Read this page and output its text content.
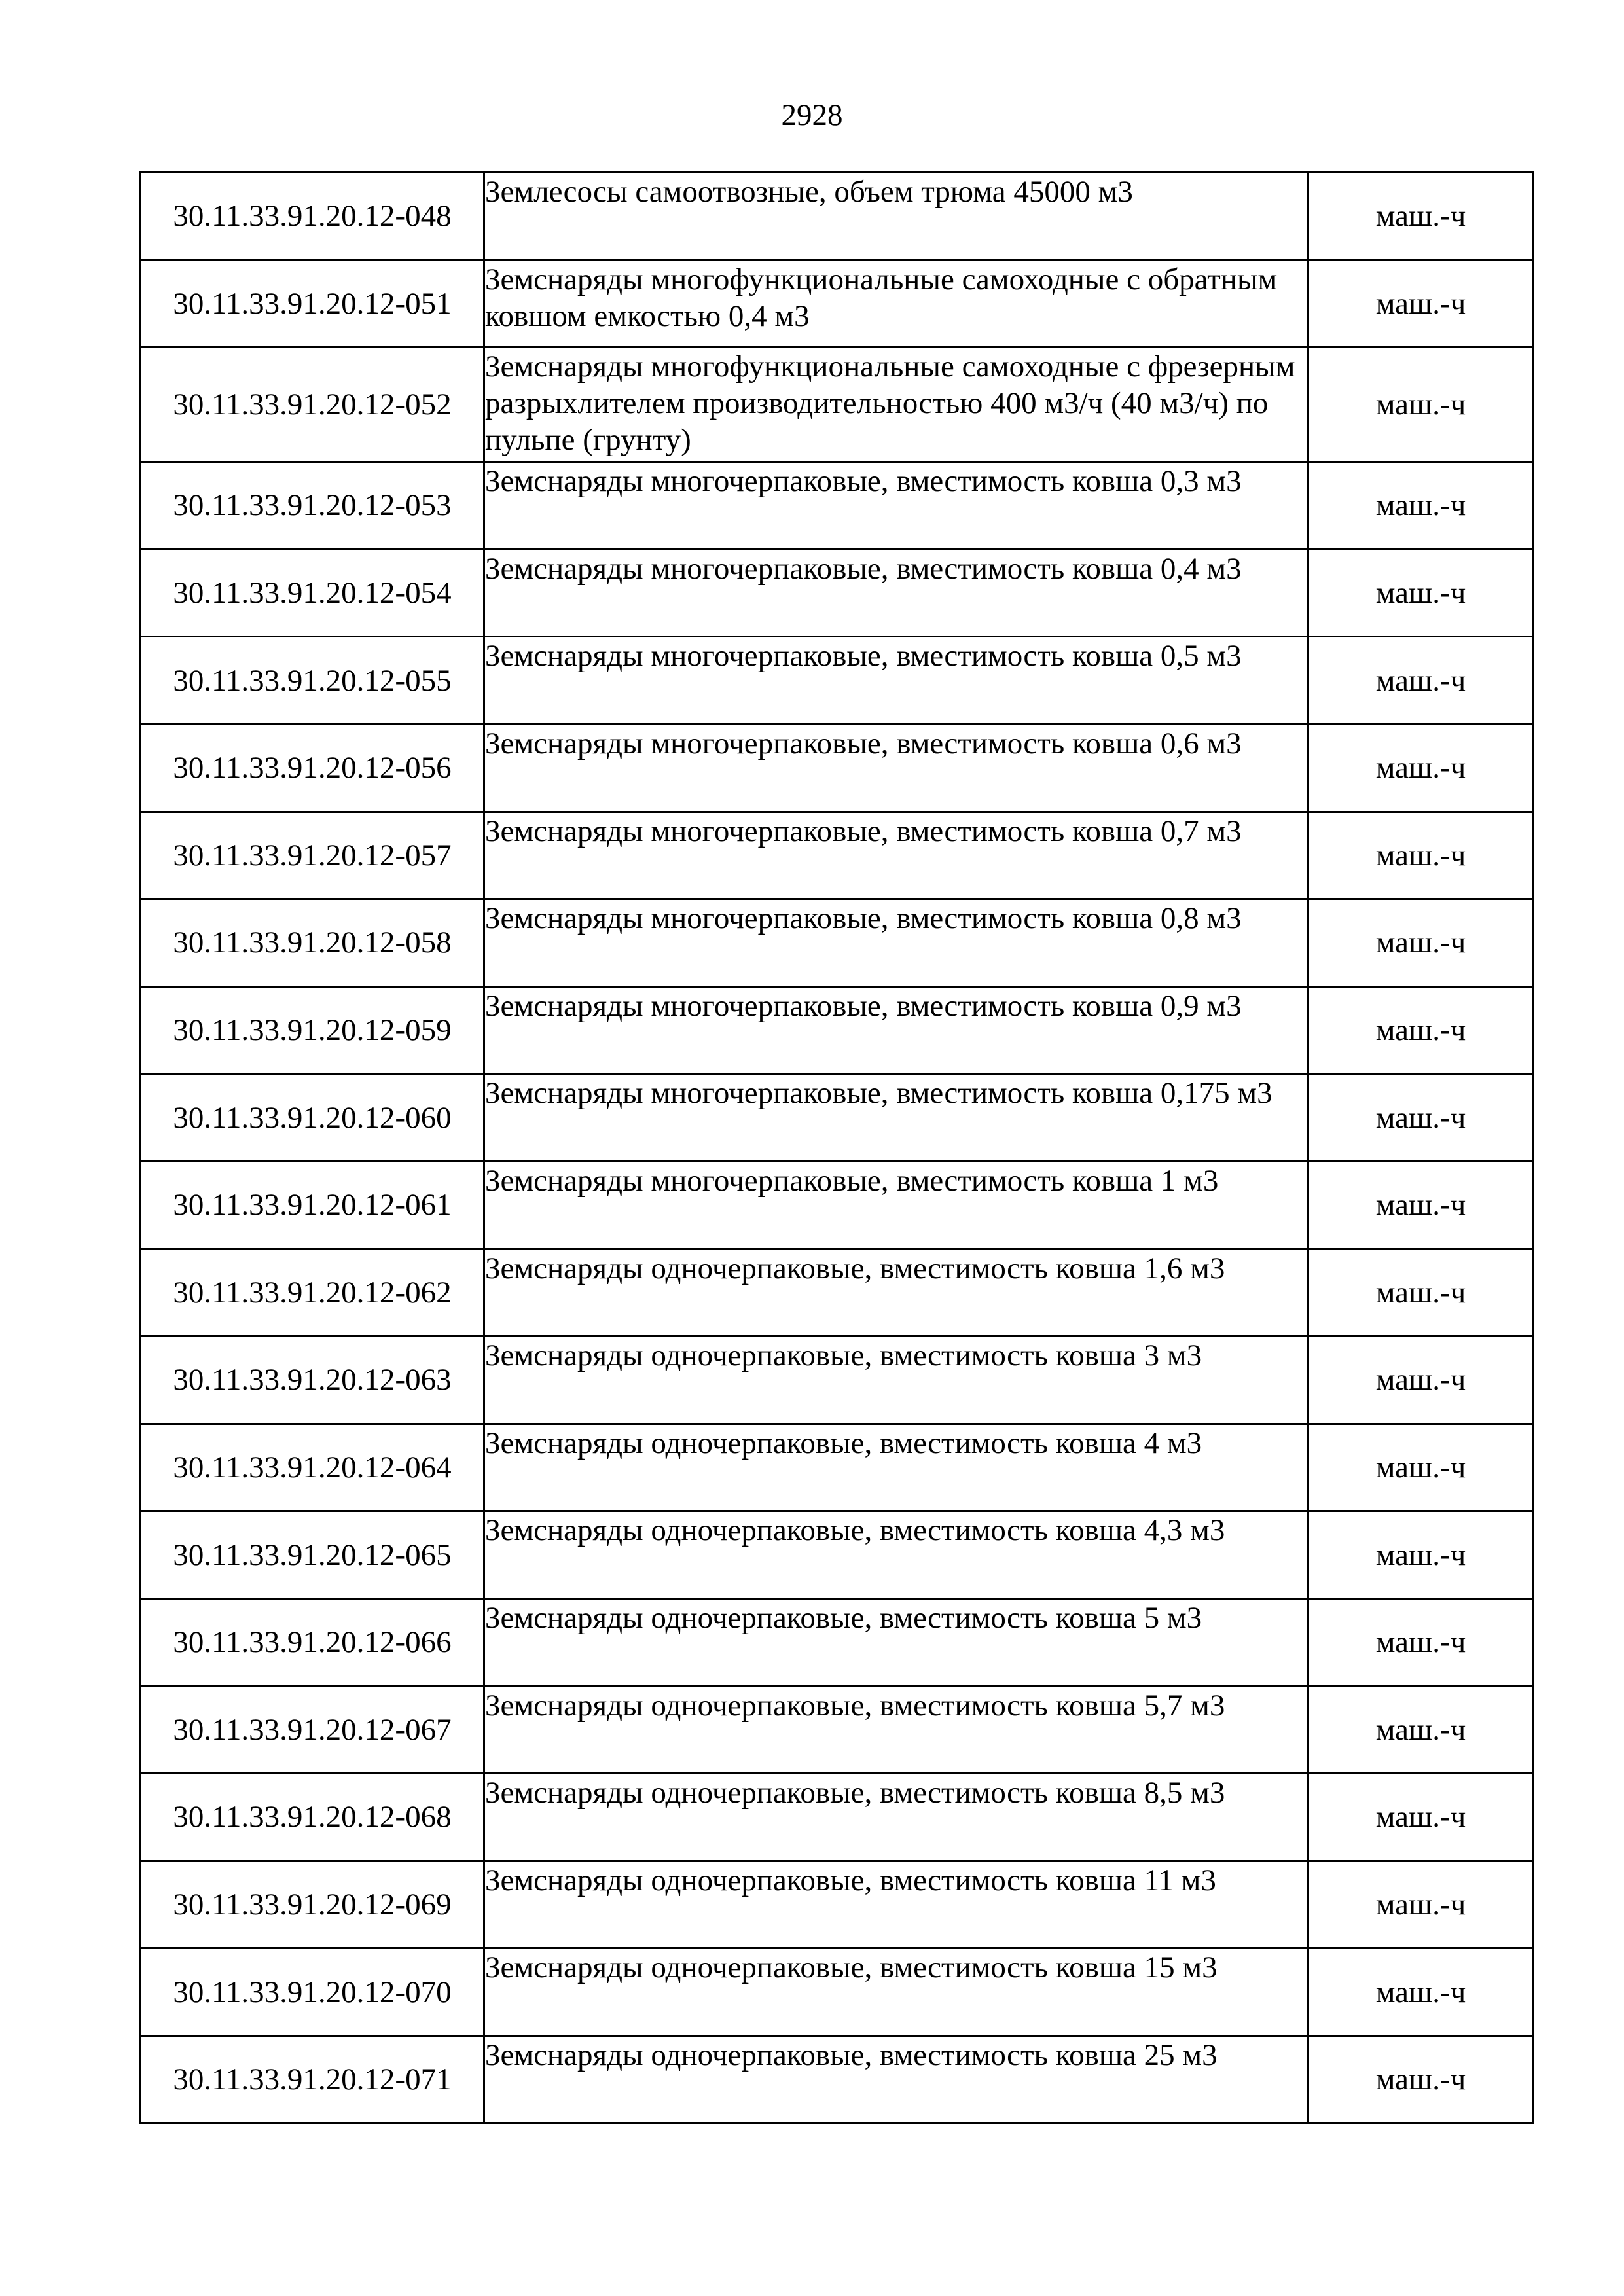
2928
30.11.33.91.20.12-048	Землесосы самоотвозные, объем трюма 45000 м3	маш.-ч
30.11.33.91.20.12-051	Земснаряды многофункциональные самоходные с обратным ковшом емкостью 0,4 м3	маш.-ч
30.11.33.91.20.12-052	Земснаряды многофункциональные самоходные с фрезерным разрыхлителем производительностью 400 м3/ч (40 м3/ч) по пульпе (грунту)	маш.-ч
30.11.33.91.20.12-053	Земснаряды многочерпаковые, вместимость ковша 0,3 м3	маш.-ч
30.11.33.91.20.12-054	Земснаряды многочерпаковые, вместимость ковша 0,4 м3	маш.-ч
30.11.33.91.20.12-055	Земснаряды многочерпаковые, вместимость ковша 0,5 м3	маш.-ч
30.11.33.91.20.12-056	Земснаряды многочерпаковые, вместимость ковша 0,6 м3	маш.-ч
30.11.33.91.20.12-057	Земснаряды многочерпаковые, вместимость ковша 0,7 м3	маш.-ч
30.11.33.91.20.12-058	Земснаряды многочерпаковые, вместимость ковша 0,8 м3	маш.-ч
30.11.33.91.20.12-059	Земснаряды многочерпаковые, вместимость ковша 0,9 м3	маш.-ч
30.11.33.91.20.12-060	Земснаряды многочерпаковые, вместимость ковша 0,175 м3	маш.-ч
30.11.33.91.20.12-061	Земснаряды многочерпаковые, вместимость ковша 1 м3	маш.-ч
30.11.33.91.20.12-062	Земснаряды одночерпаковые, вместимость ковша 1,6 м3	маш.-ч
30.11.33.91.20.12-063	Земснаряды одночерпаковые, вместимость ковша 3 м3	маш.-ч
30.11.33.91.20.12-064	Земснаряды одночерпаковые, вместимость ковша 4 м3	маш.-ч
30.11.33.91.20.12-065	Земснаряды одночерпаковые, вместимость ковша 4,3 м3	маш.-ч
30.11.33.91.20.12-066	Земснаряды одночерпаковые, вместимость ковша 5 м3	маш.-ч
30.11.33.91.20.12-067	Земснаряды одночерпаковые, вместимость ковша 5,7 м3	маш.-ч
30.11.33.91.20.12-068	Земснаряды одночерпаковые, вместимость ковша 8,5 м3	маш.-ч
30.11.33.91.20.12-069	Земснаряды одночерпаковые, вместимость ковша 11 м3	маш.-ч
30.11.33.91.20.12-070	Земснаряды одночерпаковые, вместимость ковша 15 м3	маш.-ч
30.11.33.91.20.12-071	Земснаряды одночерпаковые, вместимость ковша 25 м3	маш.-ч
